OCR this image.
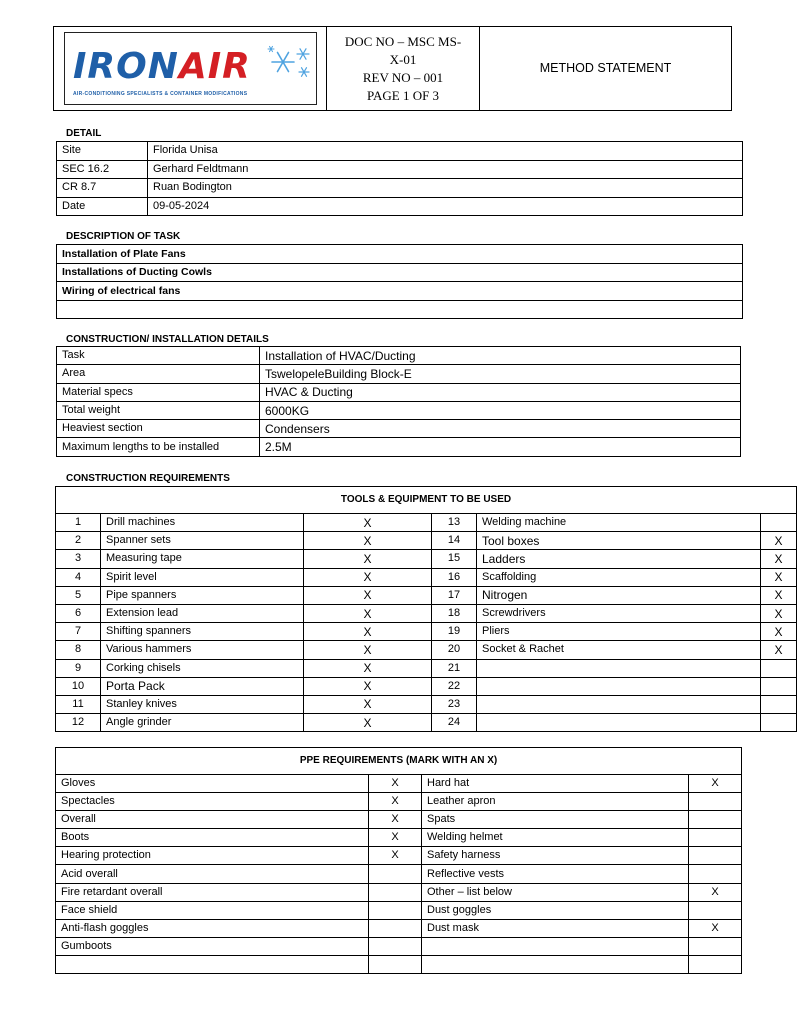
IRONAIR
AIR-CONDITIONING SPECIALISTS & CONTAINER MODIFICATIONS

DOC NO – MSC MS-
X-01
REV NO – 001
PAGE 1 OF 3
	METHOD STATEMENT
DETAIL
Site	Florida Unisa
SEC 16.2	Gerhard Feldtmann
CR 8.7	Ruan Bodington
Date	09-05-2024
DESCRIPTION OF TASK
Installation of Plate Fans
Installations of Ducting Cowls
Wiring of electrical fans

CONSTRUCTION/ INSTALLATION DETAILS
Task	Installation of HVAC/Ducting
Area	TswelopeleBuilding Block-E
Material specs	HVAC & Ducting
Total weight	6000KG
Heaviest section	Condensers
Maximum lengths to be installed	2.5M
CONSTRUCTION REQUIREMENTS
TOOLS & EQUIPMENT TO BE USED					
1	Drill machines	X	13	Welding machine	
2	Spanner sets	X	14	Tool boxes	X
3	Measuring tape	X	15	Ladders	X
4	Spirit level	X	16	Scaffolding	X
5	Pipe spanners	X	17	Nitrogen	X
6	Extension lead	X	18	Screwdrivers	X
7	Shifting spanners	X	19	Pliers	X
8	Various hammers	X	20	Socket & Rachet	X
9	Corking chisels	X	21		
10	Porta Pack	X	22		
11	Stanley knives	X	23		
12	Angle grinder	X	24		
PPE REQUIREMENTS (MARK WITH AN X)			
Gloves	X	Hard hat	X
Spectacles	X	Leather apron	
Overall	X	Spats	
Boots	X	Welding helmet	
Hearing protection	X	Safety harness	
Acid overall		Reflective vests	
Fire retardant overall		Other – list below	X
Face shield		Dust goggles	
Anti-flash goggles		Dust mask	X
Gumboots			
